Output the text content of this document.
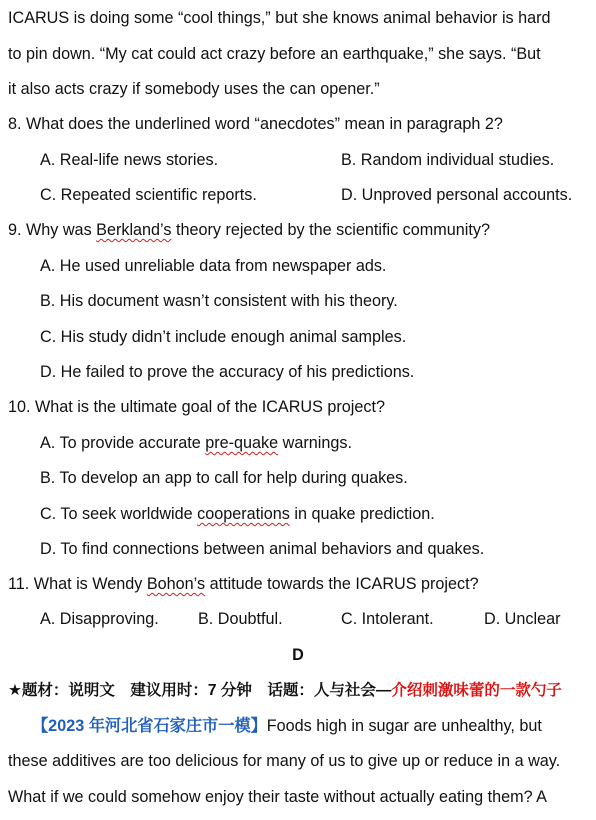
ICARUS is doing some “cool things,” but she knows animal behavior is hard
to pin down. “My cat could act crazy before an earthquake,” she says. “But
it also acts crazy if somebody uses the can opener.”
8. What does the underlined word “anecdotes” mean in paragraph 2?
A. Real-life news stories.	B. Random individual studies.
C. Repeated scientific reports.	D. Unproved personal accounts.
9. Why was Berkland’s theory rejected by the scientific community?
A. He used unreliable data from newspaper ads.
B. His document wasn’t consistent with his theory.
C. His study didn’t include enough animal samples.
D. He failed to prove the accuracy of his predictions.
10. What is the ultimate goal of the ICARUS project?
A. To provide accurate pre-quake warnings.
B. To develop an app to call for help during quakes.
C. To seek worldwide cooperations in quake prediction.
D. To find connections between animal behaviors and quakes.
11. What is Wendy Bohon’s attitude towards the ICARUS project?
A. Disapproving. B. Doubtful.	C. Intolerant.	D. Unclear
D
★题材：说明文　建议用时：7 分钟　话题：人与社会—介绍刺激味蕾的一款勺子
【2023 年河北省石家庄市一模】Foods high in sugar are unhealthy, but
these additives are too delicious for many of us to give up or reduce in a way.
What if we could somehow enjoy their taste without actually eating them? A
